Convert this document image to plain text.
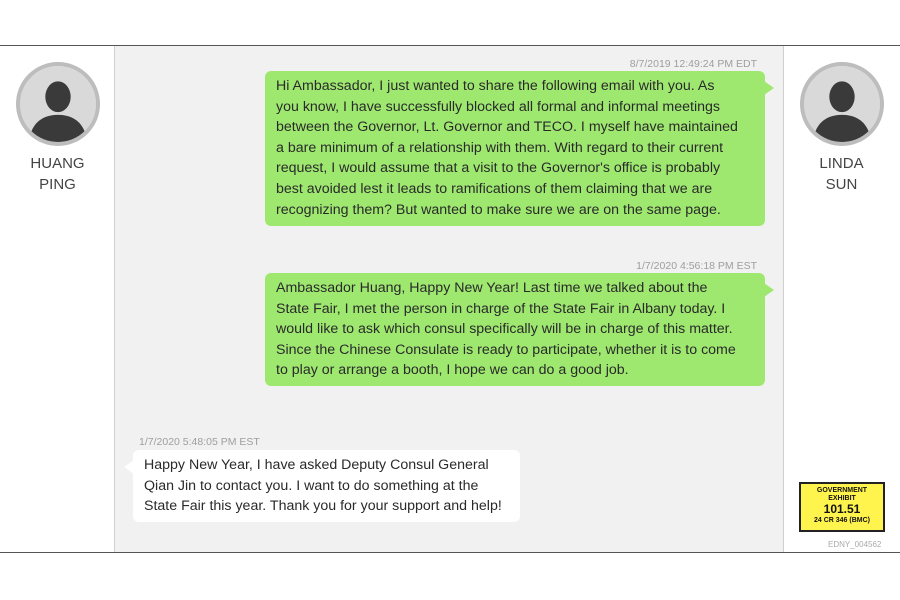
HUANG
PING
8/7/2019 12:49:24 PM EDT

Hi Ambassador, I just wanted to share the following email with you. As
you know, I have successfully blocked all formal and informal meetings
between the Governor, Lt. Governor and TECO. I myself have maintained
a bare minimum of a relationship with them. With regard to their current
request, I would assume that a visit to the Governor's office is probably
best avoided lest it leads to ramifications of them claiming that we are
recognizing them? But wanted to make sure we are on the same page.

1/7/2020 4:56:18 PM EST

Ambassador Huang, Happy New Year! Last time we talked about the
State Fair, I met the person in charge of the State Fair in Albany today. I
would like to ask which consul specifically will be in charge of this matter.
Since the Chinese Consulate is ready to participate, whether it is to come
to play or arrange a booth, I hope we can do a good job.

1/7/2020 5:48:05 PM EST

Happy New Year, I have asked Deputy Consul General
Qian Jin to contact you. I want to do something at the
State Fair this year. Thank you for your support and help!

LINDA
SUN
GOVERNMENT
EXHIBIT
101.51
24 CR 346 (BMC)
EDNY_004562
